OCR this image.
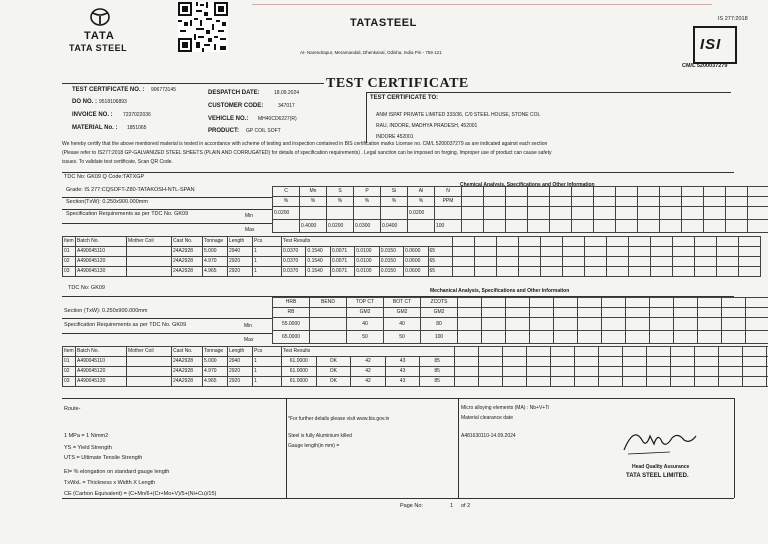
TATA
TATA STEEL
TATASTEEL
At- Narendrapur, Meramandali, Dhenkanal, Odisha, India Pin - 759 121
IS 277:2018
ISI
CM/L 5200037279
TEST CERTIFICATE
TEST CERTIFICATE NO. : 906773145
DO NO. : 9518106893
INVOICE NO. : 7237022036
MATERIAL No. : 1851065
DESPATCH DATE:	18.09.2024
CUSTOMER CODE:	347017
VEHICLE NO.: MH40CD6227(R)
PRODUCT: GP COIL SOFT
TEST CERTIFICATE TO:
ANM ISPAT PRIVATE LIMITED 333/36, C/0 STEEL HOUSE, STONE COL
RAU, INDORE, MADHYA PRADESH, 452001
INDORE 452001
We hereby certify that the above mentioned material is tested in accordance with scheme of testing and inspection contained in BIS certification marks License no. CM/L 5200037279 as are indicated against each section
(Please refer to IS277:2018 GP-GALVANIZED STEEL SHEETS (PLAIN AND CORRUGATED) for details of specification requirements) . Legal sanction can be imposed on forging, Improper use of product can cause safety
issues. To validate test certificate, Scan QR Code.
TDC No: GK09 Q Code:TATXGP
Chemical Analysis, Specifications and Other Information
Grade: IS 277:CQSOFT-Z80-TATAKOSH-NTL-SPAN
Section(TxW): 0.250x900.000mm
Specification Requirements as per TDC No. GK09	Min
Max
C	Mn	S	P	Si	Al	N														
%	%	%	%	%	%	PPM														
0.0200					0.0200															
	0.4000	0.0200	0.0300	0.0400		100														
Item	Batch No.	Mother Coil	Cast No.	Tonnage	Length	Pcs	Test Results																				
01	A490045110		24A2928	5.000	2940	1	0.0370	0.1540	0.0071	0.0100	0.0150	0.0600	65														
02	A490045120		24A2928	4.970	2920	1	0.0370	0.1540	0.0071	0.0100	0.0150	0.0600	65														
03	A490045130		24A2928	4.965	2920	1	0.0370	0.1540	0.0071	0.0100	0.0150	0.0600	65														
TDC No: GK09	Mechanical Analysis, Specifications and Other Information
Section (TxW): 0.250x900.000mm
Specification Requirements as per TDC No. GK09	Min
Max
HRB	BEND	TOP CT	BOT CT	ZCOTS														
RB		GM2	GM2	GM2														
55.0000		40	40	80														
65.0000		50	50	100														
Item	Batch No.	Mother Coil	Cast No.	Tonnage	Length	Pcs	Test Results																		
01	A490045110		24A2928	5.000	2940	1	61.0000	OK	42	43	85														
02	A490045120		24A2928	4.970	2920	1	61.0000	OK	42	43	85														
03	A490045130		24A2928	4.965	2920	1	61.0000	OK	42	43	85														
Route-
1 MPa = 1 Nimm2
YS = Yield Strength
UTS = Ultimate Tensile Strength
El= % elongation on standard gauge length
TxWxL = Thickness x Width X Length
CE (Carbon Equivalent) = (C+Mn/6+(Cr+Mo+V)/5+(Ni+Cu)/15)
*For further details please visit www.bis.gov.in
Steel is fully Aluminium killed
Gauge length(in mm) =
Micro alloying elements (MA) : Nb+V+Ti
Material clearance date
A481630110-14.09.2024
Head Quality Assurance
TATA STEEL LIMITED.
Page No:	1 of 2
